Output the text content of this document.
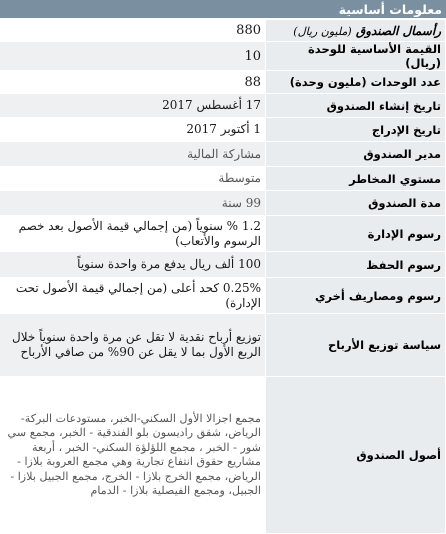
معلومات أساسية
رأسمال الصندوق (مليون ريال)	880
القيمة الأساسية للوحدة (ريال)	10
عدد الوحدات (مليون وحدة)	88
تاريخ إنشاء الصندوق	17 أغسطس 2017
تاريخ الإدراج	1 أكتوبر 2017
مدير الصندوق	مشاركة المالية
مستوي المخاطر	متوسطة
مدة الصندوق	99 سنة
رسوم الإدارة	1.2 % سنوياً (من إجمالي قيمة الأصول بعد خصم الرسوم والأتعاب)
رسوم الحفظ	100 ألف ريال يدفع مرة واحدة سنوياً
رسوم ومصاريف أخري	0.25% كحد أعلى (من إجمالي قيمة الأصول تحت الإدارة)
سياسة توزيع الأرباح	توزيع أرباح نقدية لا تقل عن مرة واحدة سنوياً خلال الربع الأول بما لا يقل عن 90% من صافي الأرباح
أصول الصندوق	مجمع اجزالا الأول السكني-الخبر، مستودعات البركة-الرياض، شقق راديسون بلو الفندقية - الخبر، مجمع سي شور - الخبر ، مجمع اللؤلؤة السكني- الخبر ، أربعة مشاريع حقوق انتفاع تجارية وهي مجمع العروبة بلازا - الرياض، مجمع الخرج بلازا - الخرج، مجمع الجبيل بلازا - الجبيل، ومجمع الفيصلية بلازا - الدمام
